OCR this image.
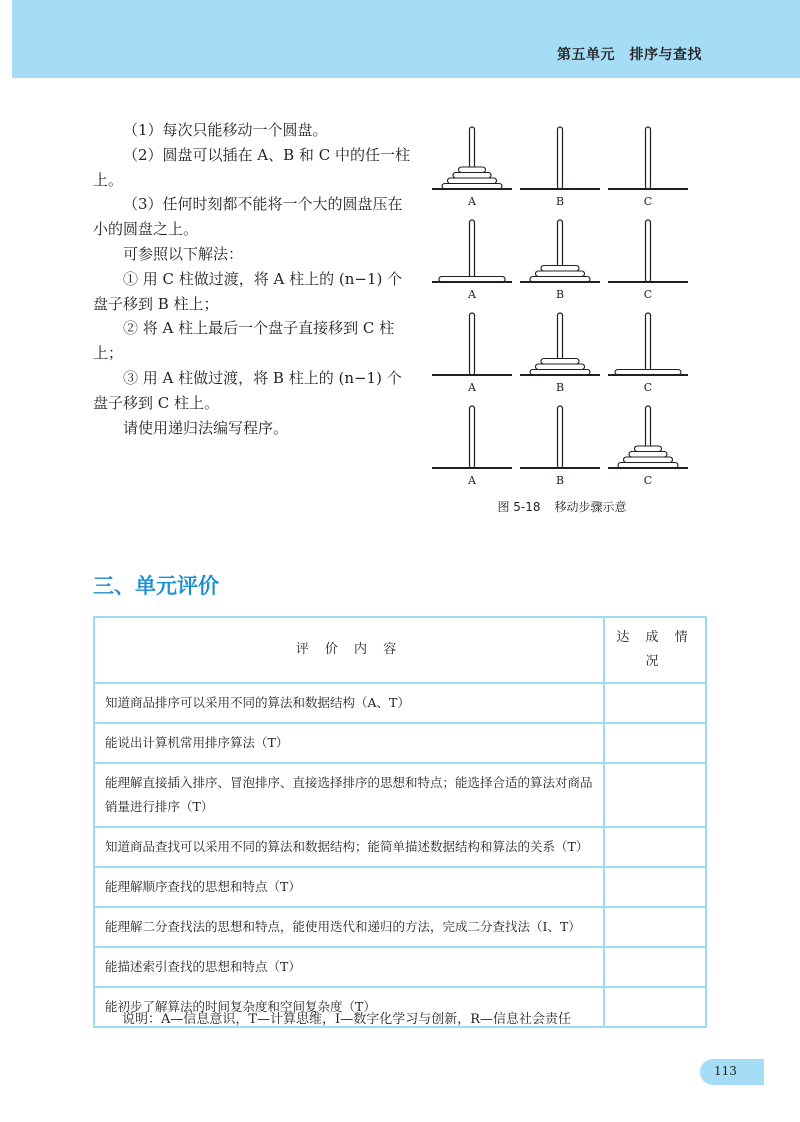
第五单元　排序与查找

（1）每次只能移动一个圆盘。

（2）圆盘可以插在 A、B 和 C 中的任一柱上。

（3）任何时刻都不能将一个大的圆盘压在小的圆盘之上。

可参照以下解法：

① 用 C 柱做过渡，将 A 柱上的 (n−1) 个盘子移到 B 柱上；

② 将 A 柱上最后一个盘子直接移到 C 柱上；

③ 用 A 柱做过渡，将 B 柱上的 (n−1) 个盘子移到 C 柱上。

请使用递归法编写程序。

A	B	C
A	B	C
A	B	C
A	B	C
图 5-18 移动步骤示意
三、单元评价
评 价 内 容	达 成 情 况
知道商品排序可以采用不同的算法和数据结构（A、T）	
能说出计算机常用排序算法（T）	
能理解直接插入排序、冒泡排序、直接选择排序的思想和特点；能选择合适的算法对商品销量进行排序（T）	
知道商品查找可以采用不同的算法和数据结构；能简单描述数据结构和算法的关系（T）	
能理解顺序查找的思想和特点（T）	
能理解二分查找法的思想和特点，能使用迭代和递归的方法，完成二分查找法（I、T）	
能描述索引查找的思想和特点（T）	
能初步了解算法的时间复杂度和空间复杂度（T）	
说明：A—信息意识，T—计算思维，I—数字化学习与创新，R—信息社会责任
113
